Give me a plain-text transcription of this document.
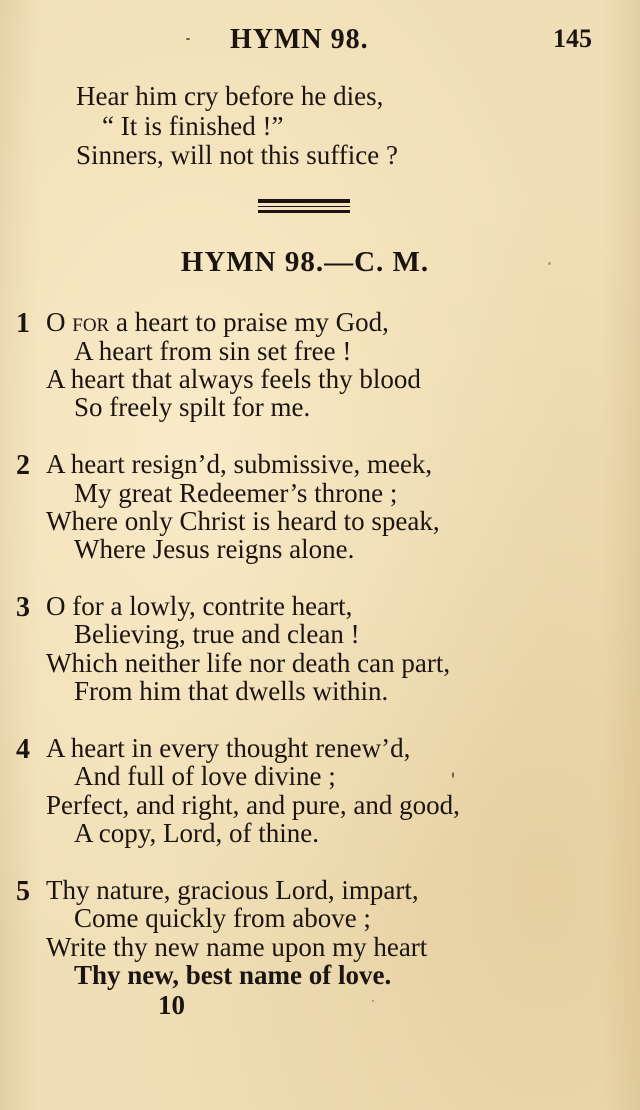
HYMN 98.	145
Hear him cry before he dies,
“ It is finished !”
Sinners, will not this suffice ?
HYMN 98.—C. M.
1 O for a heart to praise my God,
A heart from sin set free !
A heart that always feels thy blood
So freely spilt for me.
2 A heart resign’d, submissive, meek,
My great Redeemer’s throne ;
Where only Christ is heard to speak,
Where Jesus reigns alone.
3 O for a lowly, contrite heart,
Believing, true and clean !
Which neither life nor death can part,
From him that dwells within.
4 A heart in every thought renew’d,
And full of love divine ;
Perfect, and right, and pure, and good,
A copy, Lord, of thine.
5 Thy nature, gracious Lord, impart,
Come quickly from above ;
Write thy new name upon my heart
Thy new, best name of love.
10
